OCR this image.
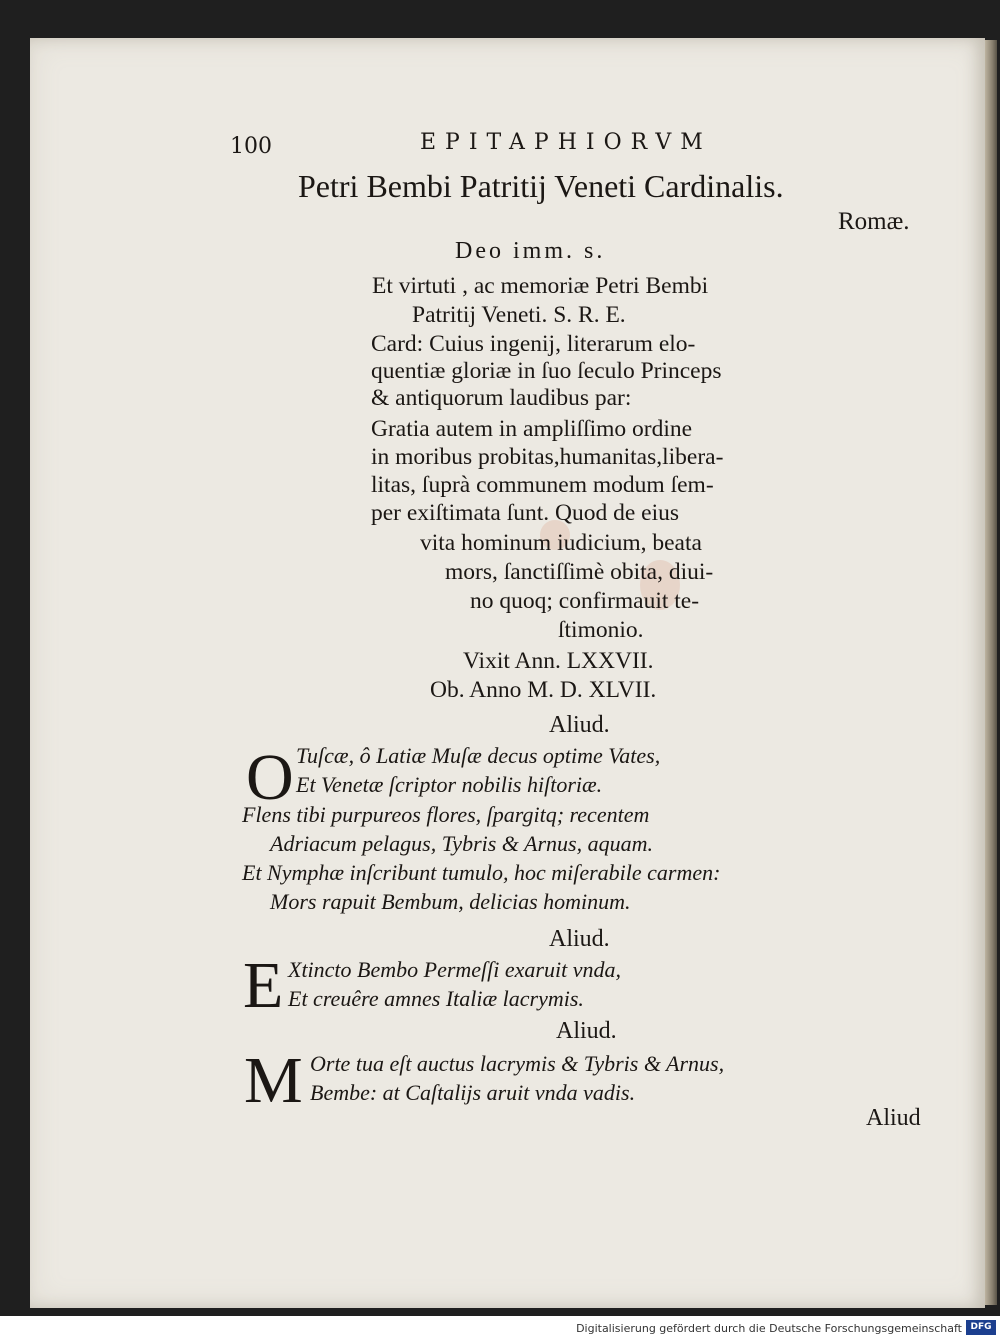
100	EPITAPHIORVM
Petri Bembi Patritij Veneti Cardinalis.
Romæ.
Deo imm. s.
Et virtuti , ac memoriæ Petri Bembi
Patritij Veneti. S. R. E.
Card: Cuius ingenij, literarum elo-
quentiæ gloriæ in ſuo ſeculo Princeps
& antiquorum laudibus par:
Gratia autem in ampliſſimo ordine
in moribus probitas,humanitas,libera-
litas, ſuprà communem modum ſem-
per exiſtimata ſunt. Quod de eius
vita hominum iudicium, beata
mors, ſanctiſſimè obita, diui-
no quoq; confirmauit te-
ſtimonio.
Vixit Ann. LXXVII.
Ob. Anno M. D. XLVII.
Aliud.
O Tuſcæ, ô Latiæ Muſæ decus optime Vates,
Et Venetæ ſcriptor nobilis hiſtoriæ.
Flens tibi purpureos flores, ſpargitq; recentem
Adriacum pelagus, Tybris & Arnus, aquam.
Et Nymphæ inſcribunt tumulo, hoc miſerabile carmen:
Mors rapuit Bembum, delicias hominum.
Aliud.
E Xtincto Bembo Permeſſi exaruit vnda,
Et creuêre amnes Italiæ lacrymis.
Aliud.
M Orte tua eſt auctus lacrymis & Tybris & Arnus,
Bembe: at Caſtalijs aruit vnda vadis.
Aliud
Digitalisierung gefördert durch die Deutsche Forschungsgemeinschaft DFG
